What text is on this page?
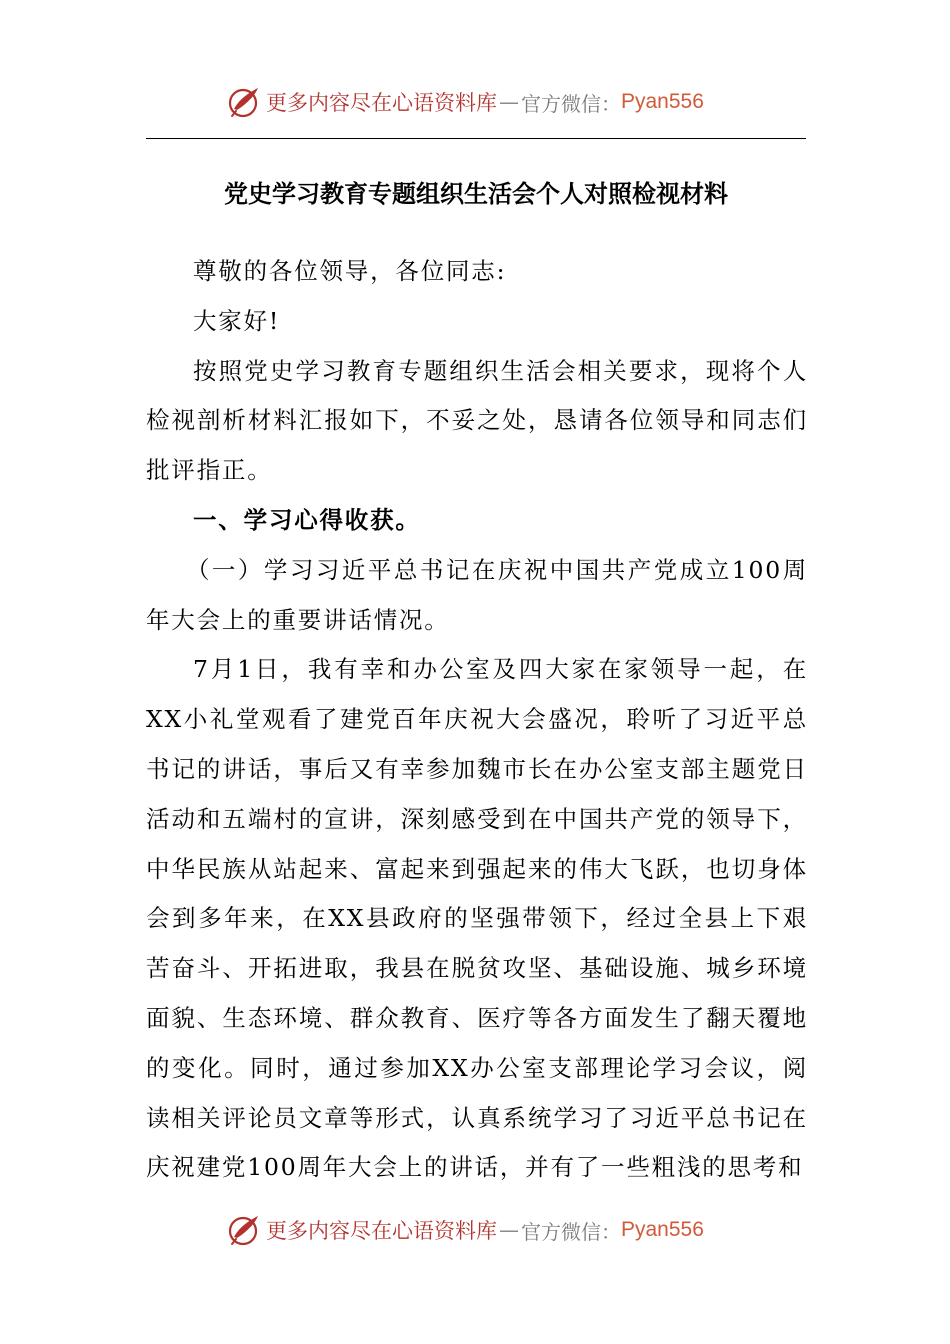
更多内容尽在心语资料库 — 官方微信： Pyan556
党史学习教育专题组织生活会个人对照检视材料

尊敬的各位领导，各位同志:

大家好!

按照党史学习教育专题组织生活会相关要求，现将个人检视剖析材料汇报如下，不妥之处，恳请各位领导和同志们批评指正。

一、学习心得收获。

（一）学习习近平总书记在庆祝中国共产党成立100周年大会上的重要讲话情况。

7月1日，我有幸和办公室及四大家在家领导一起，在XX小礼堂观看了建党百年庆祝大会盛况，聆听了习近平总书记的讲话，事后又有幸参加魏市长在办公室支部主题党日活动和五端村的宣讲，深刻感受到在中国共产党的领导下，中华民族从站起来、富起来到强起来的伟大飞跃，也切身体会到多年来，在XX县政府的坚强带领下，经过全县上下艰苦奋斗、开拓进取，我县在脱贫攻坚、基础设施、城乡环境面貌、生态环境、群众教育、医疗等各方面发生了翻天覆地的变化。同时，通过参加XX办公室支部理论学习会议，阅读相关评论员文章等形式，认真系统学习了习近平总书记在庆祝建党100周年大会上的讲话，并有了一些粗浅的思考和

更多内容尽在心语资料库 — 官方微信： Pyan556
